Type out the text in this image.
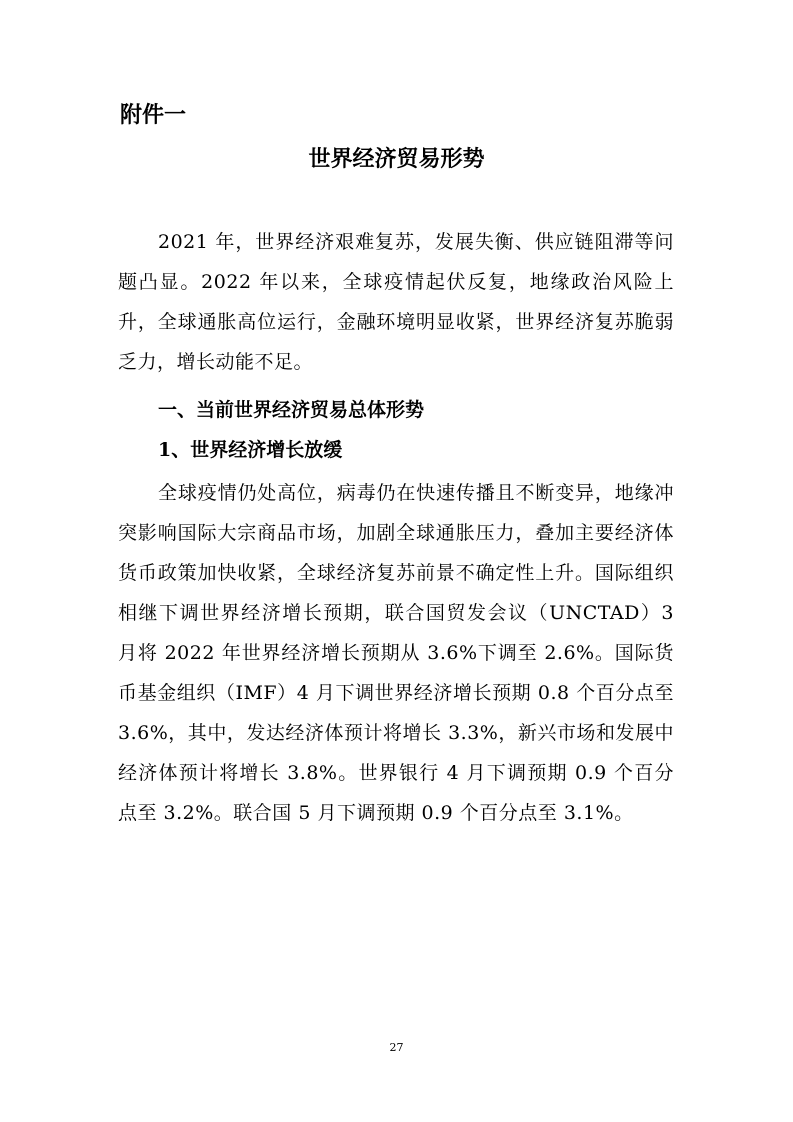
附件一
世界经济贸易形势

2021 年，世界经济艰难复苏，发展失衡、供应链阻滞等问题凸显。2022 年以来，全球疫情起伏反复，地缘政治风险上升，全球通胀高位运行，金融环境明显收紧，世界经济复苏脆弱乏力，增长动能不足。

一、当前世界经济贸易总体形势
1、世界经济增长放缓

全球疫情仍处高位，病毒仍在快速传播且不断变异，地缘冲突影响国际大宗商品市场，加剧全球通胀压力，叠加主要经济体货币政策加快收紧，全球经济复苏前景不确定性上升。国际组织相继下调世界经济增长预期，联合国贸发会议（UNCTAD）3 月将 2022 年世界经济增长预期从 3.6%下调至 2.6%。国际货币基金组织（IMF）4 月下调世界经济增长预期 0.8 个百分点至 3.6%，其中，发达经济体预计将增长 3.3%，新兴市场和发展中经济体预计将增长 3.8%。世界银行 4 月下调预期 0.9 个百分点至 3.2%。联合国 5 月下调预期 0.9 个百分点至 3.1%。

27
